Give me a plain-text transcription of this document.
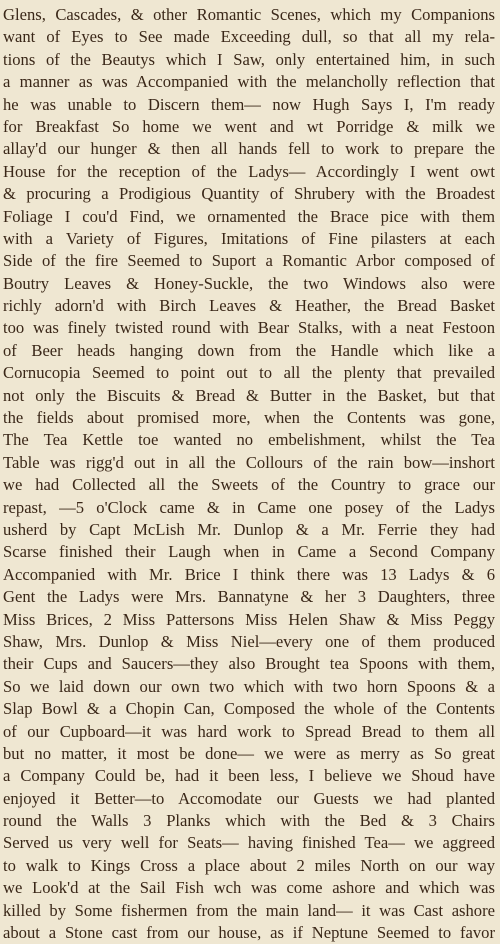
Glens, Cascades, & other Romantic Scenes, which my Companions
want of Eyes to See made Exceeding dull, so that all my rela-
tions of the Beautys which I Saw, only entertained him, in such
a manner as was Accompanied with the melancholly reflection that
he was unable to Discern them— now Hugh Says I, I'm ready
for Breakfast So home we went and wt Porridge & milk we
allay'd our hunger & then all hands fell to work to prepare the
House for the reception of the Ladys— Accordingly I went owt
& procuring a Prodigious Quantity of Shrubery with the Broadest
Foliage I cou'd Find, we ornamented the Brace pice with them
with a Variety of Figures, Imitations of Fine pilasters at each
Side of the fire Seemed to Suport a Romantic Arbor composed of
Boutry Leaves & Honey-Suckle, the two Windows also were
richly adorn'd with Birch Leaves & Heather, the Bread Basket
too was finely twisted round with Bear Stalks, with a neat Festoon
of Beer heads hanging down from the Handle which like a
Cornucopia Seemed to point out to all the plenty that prevailed
not only the Biscuits & Bread & Butter in the Basket, but that
the fields about promised more, when the Contents was gone,
The Tea Kettle toe wanted no embelishment, whilst the Tea
Table was rigg'd out in all the Collours of the rain bow—inshort
we had Collected all the Sweets of the Country to grace our
repast, —5 o'Clock came & in Came one posey of the Ladys
usherd by Capt McLish Mr. Dunlop & a Mr. Ferrie they had
Scarse finished their Laugh when in Came a Second Company
Accompanied with Mr. Brice I think there was 13 Ladys & 6
Gent the Ladys were Mrs. Bannatyne & her 3 Daughters, three
Miss Brices, 2 Miss Pattersons Miss Helen Shaw & Miss Peggy
Shaw, Mrs. Dunlop & Miss Niel—every one of them produced
their Cups and Saucers—they also Brought tea Spoons with them,
So we laid down our own two which with two horn Spoons & a
Slap Bowl & a Chopin Can, Composed the whole of the Contents
of our Cupboard—it was hard work to Spread Bread to them all
but no matter, it most be done— we were as merry as So great
a Company Could be, had it been less, I believe we Shoud have
enjoyed it Better—to Accomodate our Guests we had planted
round the Walls 3 Planks which with the Bed & 3 Chairs
Served us very well for Seats— having finished Tea— we aggreed
to walk to Kings Cross a place about 2 miles North on our way
we Look'd at the Sail Fish wch was come ashore and which was
killed by Some fishermen from the main land— it was Cast ashore
about a Stone cast from our house, as if Neptune Seemed to favor
